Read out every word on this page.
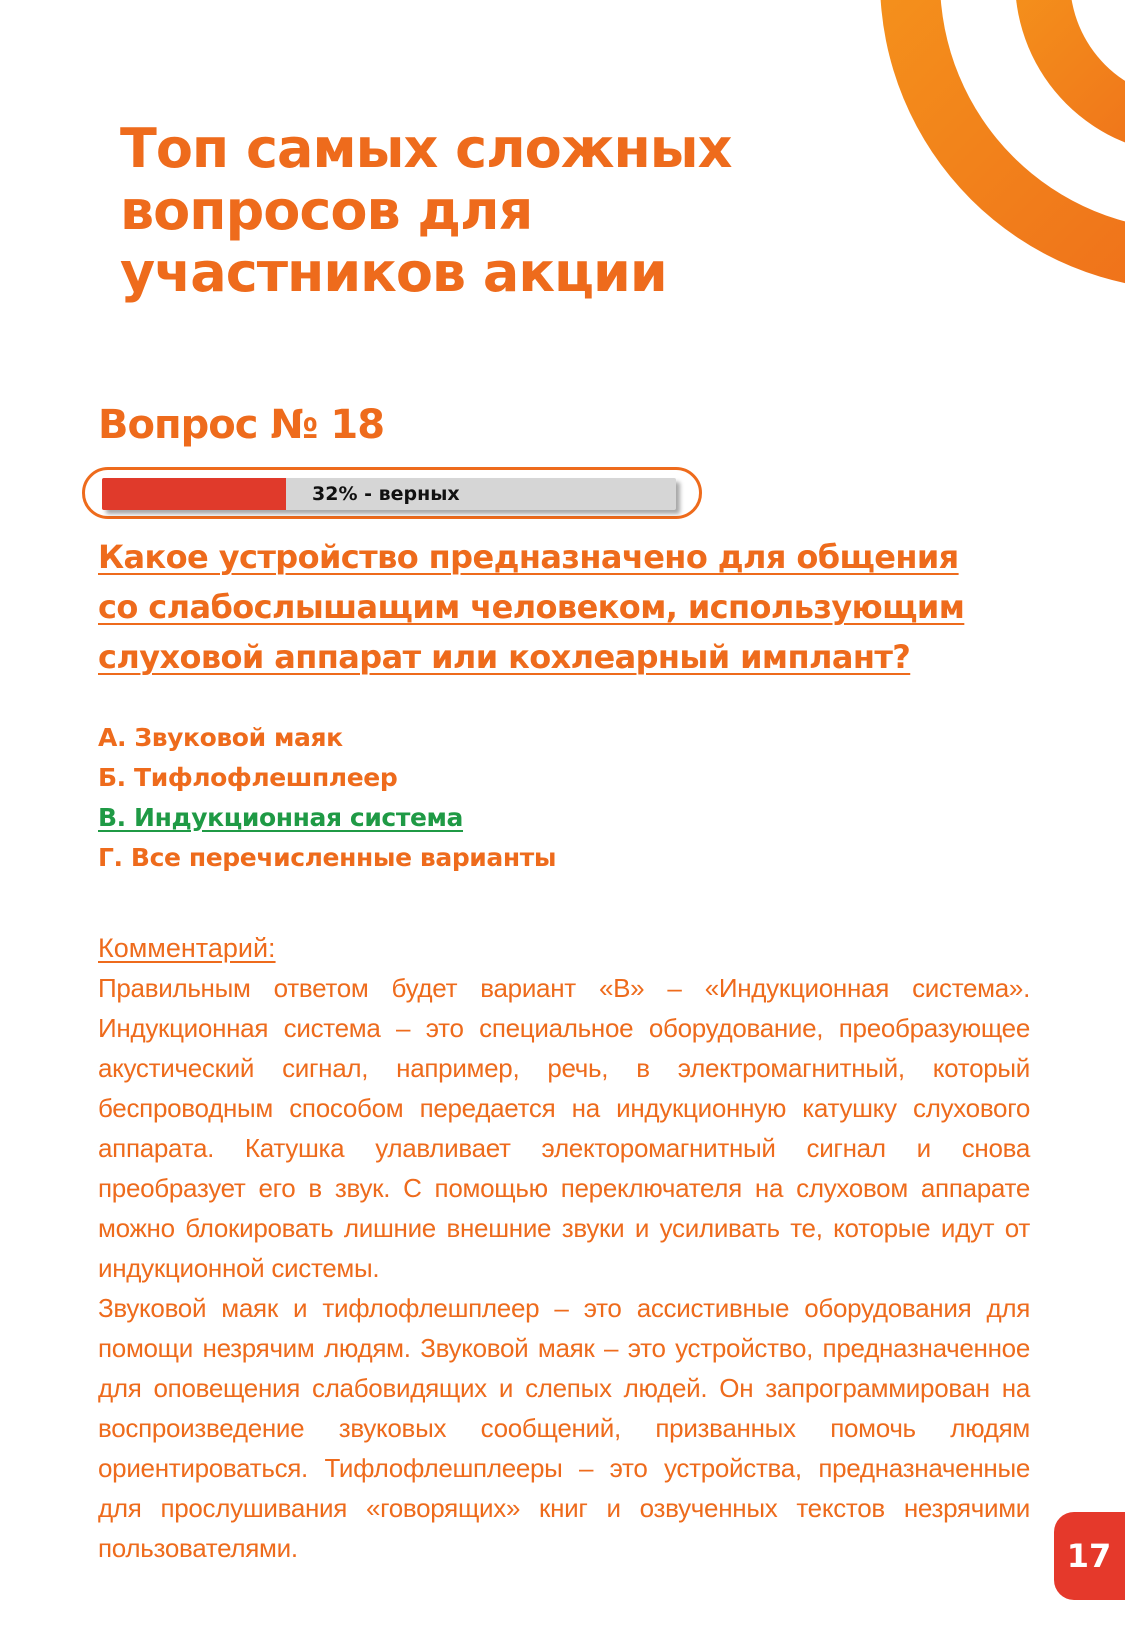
Топ самых сложных
вопросов для
участников акции
Вопрос № 18
32% - верных
Какое устройство предназначено для общения со слабослышащим человеком, использующим слуховой аппарат или кохлеарный имплант?
А. Звуковой маяк
Б. Тифлофлешплеер
В. Индукционная система
Г. Все перечисленные варианты
Комментарий:

Правильным ответом будет вариант «В» – «Индукционная система». Индукционная система – это специальное оборудование, преобразующее акустический сигнал, например, речь, в электромагнитный, который беспроводным способом передается на индукционную катушку слухового аппарата. Катушка улавливает электоромагнитный сигнал и снова преобразует его в звук. С помощью переключателя на слуховом аппарате можно блокировать лишние внешние звуки и усиливать те, которые идут от индукционной системы.

Звуковой маяк и тифлофлешплеер – это ассистивные оборудования для помощи незрячим людям. Звуковой маяк – это устройство, предназначенное для оповещения слабовидящих и слепых людей. Он запрограммирован на воспроизведение звуковых сообщений, призванных помочь людям ориентироваться. Тифлофлешплееры – это устройства, предназначенные для прослушивания «говорящих» книг и озвученных текстов незрячими пользователями.	17
